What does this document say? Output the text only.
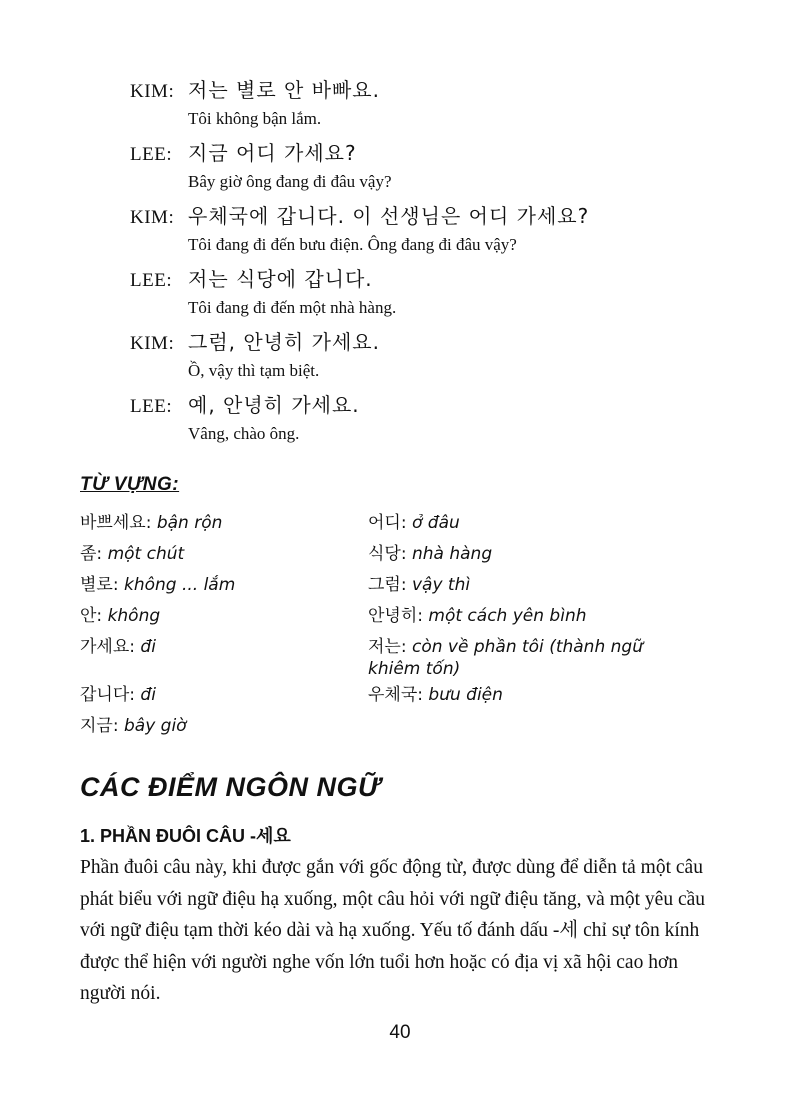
KIM: 저는 별로 안 바빠요.
Tôi không bận lắm.
LEE: 지금 어디 가세요?
Bây giờ ông đang đi đâu vậy?
KIM: 우체국에 갑니다. 이 선생님은 어디 가세요?
Tôi đang đi đến bưu điện. Ông đang đi đâu vậy?
LEE: 저는 식당에 갑니다.
Tôi đang đi đến một nhà hàng.
KIM: 그럼, 안녕히 가세요.
Ồ, vậy thì tạm biệt.
LEE: 예, 안녕히 가세요.
Vâng, chào ông.
TỪ VỰNG:
바쁘세요: bận rộn	어디: ở đâu
좀: một chút	식당: nhà hàng
별로: không ... lắm	그럼: vậy thì
안: không	안녕히: một cách yên bình
가세요: đi	저는: còn về phần tôi (thành ngữ khiêm tốn)
갑니다: đi	우체국: bưu điện
지금: bây giờ
CÁC ĐIỂM NGÔN NGỮ
1. PHẦN ĐUÔI CÂU -세요
Phần đuôi câu này, khi được gắn với gốc động từ, được dùng để diễn tả một câu phát biểu với ngữ điệu hạ xuống, một câu hỏi với ngữ điệu tăng, và một yêu cầu với ngữ điệu tạm thời kéo dài và hạ xuống. Yếu tố đánh dấu -세 chỉ sự tôn kính được thể hiện với người nghe vốn lớn tuổi hơn hoặc có địa vị xã hội cao hơn người nói.
40
